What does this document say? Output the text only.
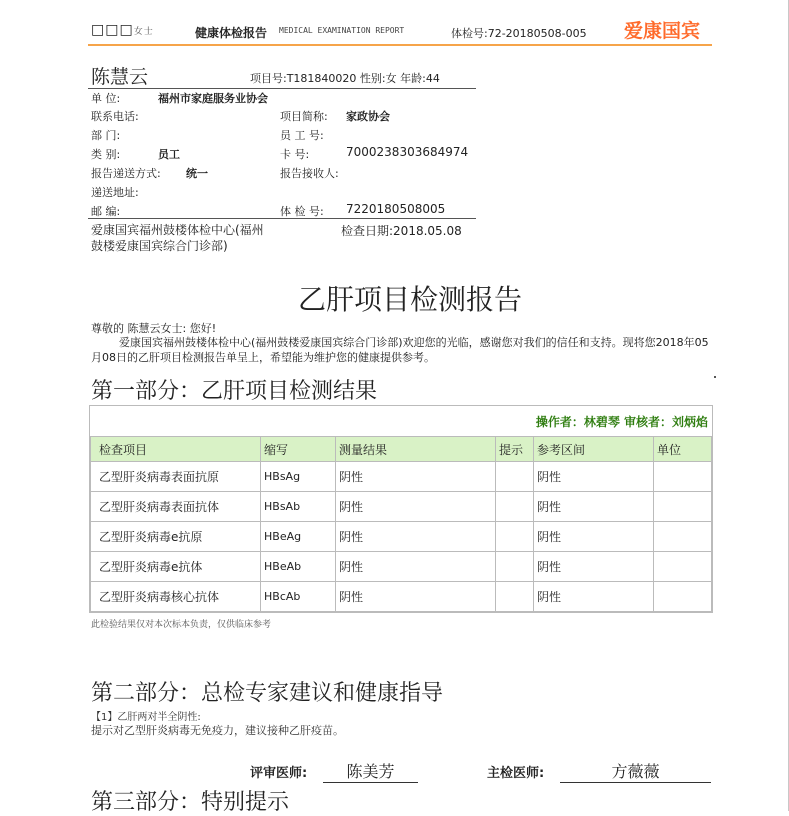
□□□女士	健康体检报告 MEDICAL EXAMINATION REPORT	体检号:72-20180508-005 爱康国宾
陈慧云	项目号:T181840020 性别:女 年龄:44
单 位:	福州市家庭服务业协会
联系电话:	项目简称: 家政协会
部 门:	员 工 号:
类 别:	员工	卡 号:	7000238303684974
报告递送方式: 统一	报告接收人:
递送地址:
邮 编:	体 检 号: 7220180508005
爱康国宾福州鼓楼体检中心(福州鼓楼爱康国宾综合门诊部)
检查日期:2018.05.08
乙肝项目检测报告
尊敬的 陈慧云女士: 您好!
爱康国宾福州鼓楼体检中心(福州鼓楼爱康国宾综合门诊部)欢迎您的光临，感谢您对我们的信任和支持。现将您2018年05月08日的乙肝项目检测报告单呈上，希望能为维护您的健康提供参考。
第一部分：乙肝项目检测结果
操作者：林碧琴 审核者：刘炳焰
检查项目	缩写	测量结果	提示	参考区间	单位
乙型肝炎病毒表面抗原	HBsAg	阴性		阴性	
乙型肝炎病毒表面抗体	HBsAb	阴性		阴性	
乙型肝炎病毒e抗原	HBeAg	阴性		阴性	
乙型肝炎病毒e抗体	HBeAb	阴性		阴性	
乙型肝炎病毒核心抗体	HBcAb	阴性		阴性	
此检验结果仅对本次标本负责，仅供临床参考
第二部分：总检专家建议和健康指导
【1】乙肝两对半全阴性:
提示对乙型肝炎病毒无免疫力，建议接种乙肝疫苗。
评审医师:	陈美芳	主检医师:	方薇薇
第三部分：特别提示
